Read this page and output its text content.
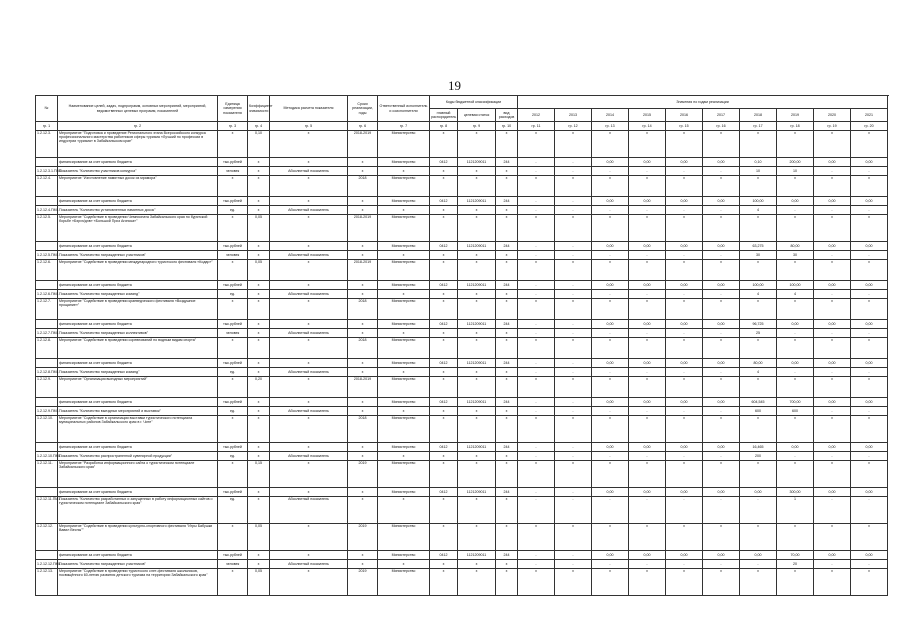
19
№	Наименование целей, задач, подпрограмм, основных мероприятий, мероприятий, ведомственных целевых программ, показателей	Единица измерения показателя	Коэффициент значимости	Методика расчета показателя	Сроки реализации, годы	Ответственный исполнитель и соисполнители	Коды бюджетной классификации			Значения по годам реализации										
							главный распорядитель	целевая статья	вид расходов	2012	2013	2014	2015	2016	2017	2018	2019	2020	2021	
гр. 1	гр. 2	гр. 3	гр. 4	гр. 5	гр. 6	гр. 7	гр. 8	гр. 9	гр. 10	гр. 11	гр. 12	гр. 13	гр. 14	гр. 15	гр. 16	гр. 17	гр. 18	гр. 19	гр. 20	
1.2.12.3.	Мероприятие "Подготовка и проведение Регионального этапа Всероссийского конкурса профессионального мастерства работников сферы туризма «Лучший по профессии в индустрии туризма» в Забайкальском крае"	х	0,10	х	2018-2019	Министерство	х	х	х	х	х	х	х	х	х	х	х	х	х	
	финансирование за счет краевого бюджета	тыс.рублей	х	х	х	Министерство	0412	1121209011	244	-	-	0,00	0,00	0,00	0,00	0,10	200,00	0,00	0,00	
1.2.12.3.1.ПМ1	Показатель "Количество участников конкурса"	человек	х	Абсолютный показатель	х	х	х	х	х	-	-	-	-	-	-	10	10	-	-	
1.2.12.4.	Мероприятие "Изготовление памятных досок из мрамора"	х	х	х	2018	Министерство	х	х	х	х	х	х	х	х	х	х	х	х	х	
	финансирование за счет краевого бюджета	тыс.рублей	х	х	х	Министерство	0412	1121209011	244	-	-	0,00	0,00	0,00	0,00	100,00	0,00	0,00	0,00	
1.2.12.4.ПМ1	Показатель "Количество установленных памятных досок"	ед.	х	Абсолютный показатель	х	х	х	х	х	-	-	-	-	-	-	4	-	-	-	
1.2.12.5.	Мероприятие "Содействие в проведении Чемпионата Забайкальского края по бурятской борьбе «Бэрхэ/дэв» «Большой Приз Агинска»"	х	0,05	х	2018-2019	Министерство	х	х	х	х	х	х	х	х	х	х	х	х	х	
	финансирование за счет краевого бюджета	тыс.рублей	х	х	х	Министерство	0412	1121209011	244	-	-	0,00	0,00	0,00	0,00	63,275	80,00	0,00	0,00	
1.2.12.5.ПМ1	Показатель "Количество награжденных участников"	человек	х	Абсолютный показатель	х	х	х	х	х	-	-	-	-	-	-	30	30	-	-	
1.2.12.6.	Мероприятие "Содействие в проведении международного туристского фестиваля «Кодар»"	х	0,05	х	2018-2019	Министерство	х	х	х	х	х	х	х	х	х	х	х	х	х	
	финансирование за счет краевого бюджета	тыс.рублей	х	х	х	Министерство	0412	1121209011	244	-	-	0,00	0,00	0,00	0,00	100,00	100,00	0,00	0,00	
1.2.12.6.ПМ1	Показатель "Количество награжденных команд"	ед.	х	Абсолютный показатель	х	х	х	х	х	-	-	-	-	-	-	4	4	-	-	
1.2.12.7.	Мероприятие "Содействие в проведении краеведческого фестиваля «Воздушное прощание»"	х	х	х	2018	Министерство	х	х	х	х	х	х	х	х	х	х	х	х	х	
	финансирование за счет краевого бюджета	тыс.рублей	х	х	х	Министерство	0412	1121209011	244	-	-	0,00	0,00	0,00	0,00	96,725	0,00	0,00	0,00	
1.2.12.7.ПМ1	Показатель "Количество награжденных коллективов"	человек	х	Абсолютный показатель	х	х	х	х	х	-	-	-	-	-	-	25	-	-	-	
1.2.12.8.	Мероприятие "Содействие в проведении соревнований по водным видам спорта"	х	х	х	2018	Министерство	х	х	х	х	х	х	х	х	х	х	х	х	х	
	финансирование за счет краевого бюджета	тыс.рублей	х	х	х	Министерство	0412	1121209011	244	-	-	0,00	0,00	0,00	0,00	80,00	0,00	0,00	0,00	
1.2.12.8.ПМ1	Показатель "Количество награжденных команд"	ед.	х	Абсолютный показатель	х	х	х	х	х	-	-	-	-	-	-	4	-	-	-	
1.2.12.9.	Мероприятие "Организация выездных мероприятий"	х	0,20	х	2018-2019	Министерство	х	х	х	х	х	х	х	х	х	х	х	х	х	
	финансирование за счет краевого бюджета	тыс.рублей	х	х	х	Министерство	0412	1121209011	244	-	-	0,00	0,00	0,00	0,00	604,545	700,00	0,00	0,00	
1.2.12.9.ПМ1	Показатель "Количество выездных мероприятий и выставок"	ед.	х	Абсолютный показатель	х	х	х	х	х	-	-	-	-	-	-	600	600	-	-	
1.2.12.10.	Мероприятие "Содействие в организации выставки туристического потенциала муниципальных районов Забайкальского края в г. Чите"	х	х	х	2018	Министерство	х	х	х	х	х	х	х	х	х	х	х	х	х	
	финансирование за счет краевого бюджета	тыс.рублей	х	х	х	Министерство	0412	1121209011	244	-	-	0,00	0,00	0,00	0,00	16,465	0,00	0,00	0,00	
1.2.12.10.ПМ1	Показатель "Количество распространенной сувенирной продукции"	ед.	х	Абсолютный показатель	х	х	х	х	х	-	-	-	-	-	-	200	-	-	-	
1.2.12.11.	Мероприятие "Разработка информационного сайта о туристическом потенциале Забайкальского края"	х	0,15	х	2019	Министерство	х	х	х	х	х	х	х	х	х	х	х	х	х	
	финансирование за счет краевого бюджета	тыс.рублей	х	х	х	Министерство	0412	1121209011	244	-	-	0,00	0,00	0,00	0,00	0,00	300,00	0,00	0,00	
1.2.12.11.ПМ1	Показатель "Количество разработанных и запущенных в работу информационных сайтов о туристическом потенциале Забайкальского края"	ед.	х	Абсолютный показатель	х	х	х	х	х	-	-	-	-	-	-	-	1	-	-	
1.2.12.12.	Мероприятие "Содействие в проведении культурно-спортивного фестиваля "Игры Бабушки Вавил Весны""	х	0,05	х	2019	Министерство	х	х	х	х	х	х	х	х	х	х	х	х	х	
	финансирование за счет краевого бюджета	тыс.рублей	х	х	х	Министерство	0412	1121209011	244	-	-	0,00	0,00	0,00	0,00	0,00	70,00	0,00	0,00	
1.2.12.12.ПМ1	Показатель "Количество награжденных участников"	человек	х	Абсолютный показатель	х	х	х	х	х	-	-	-	-	-	-	-	20	-	-	
1.2.12.13.	Мероприятие "Содействие в проведении туристского слет-фестиваля школьников, посвящённого 60-летию развития детского туризма на территории Забайкальского края"	х	0,05	х	2019	Министерство	х	х	х	х	х	х	х	х	х	х	х	х	х	
